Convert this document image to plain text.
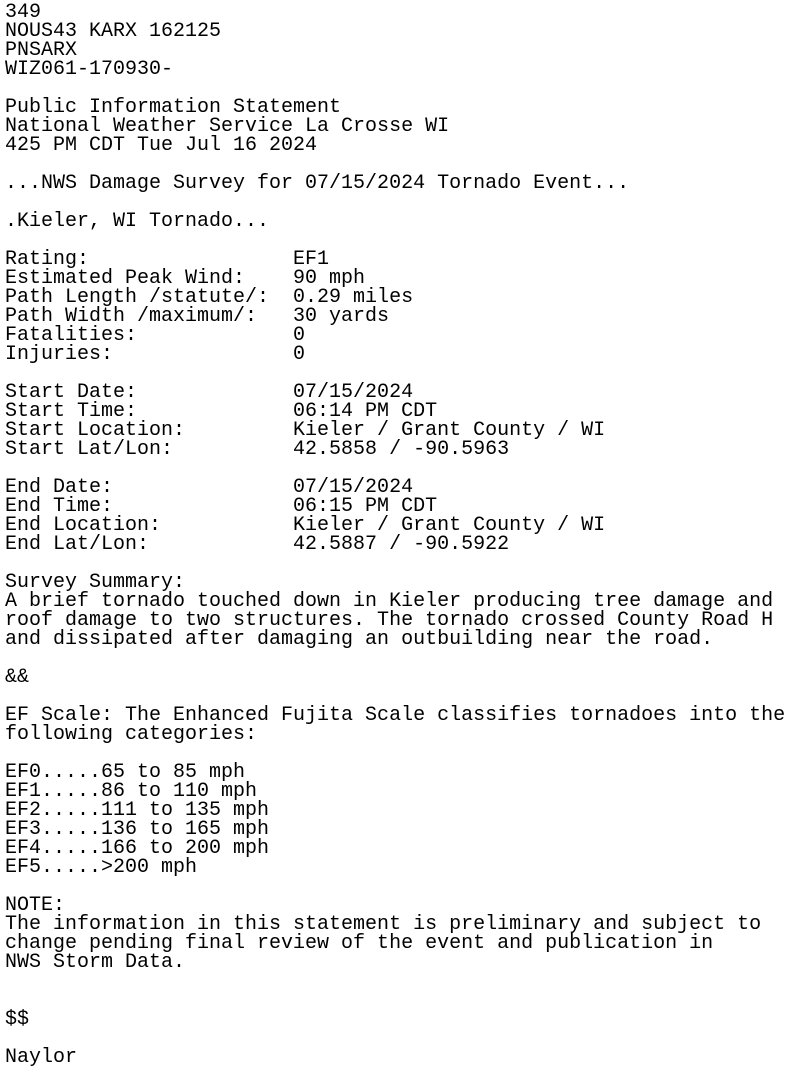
349
NOUS43 KARX 162125
PNSARX
WIZ061-170930-
Public Information Statement
National Weather Service La Crosse WI
425 PM CDT Tue Jul 16 2024
...NWS Damage Survey for 07/15/2024 Tornado Event...
.Kieler, WI Tornado...
Rating:                 EF1
Estimated Peak Wind:    90 mph
Path Length /statute/:  0.29 miles
Path Width /maximum/:   30 yards
Fatalities:             0
Injuries:               0
Start Date:             07/15/2024
Start Time:             06:14 PM CDT
Start Location:         Kieler / Grant County / WI
Start Lat/Lon:          42.5858 / -90.5963
End Date:               07/15/2024
End Time:               06:15 PM CDT
End Location:           Kieler / Grant County / WI
End Lat/Lon:            42.5887 / -90.5922
Survey Summary:
A brief tornado touched down in Kieler producing tree damage and
roof damage to two structures. The tornado crossed County Road H
and dissipated after damaging an outbuilding near the road.
&&
EF Scale: The Enhanced Fujita Scale classifies tornadoes into the
following categories:
EF0.....65 to 85 mph
EF1.....86 to 110 mph
EF2.....111 to 135 mph
EF3.....136 to 165 mph
EF4.....166 to 200 mph
EF5.....>200 mph
NOTE:
The information in this statement is preliminary and subject to
change pending final review of the event and publication in
NWS Storm Data.
$$
Naylor
